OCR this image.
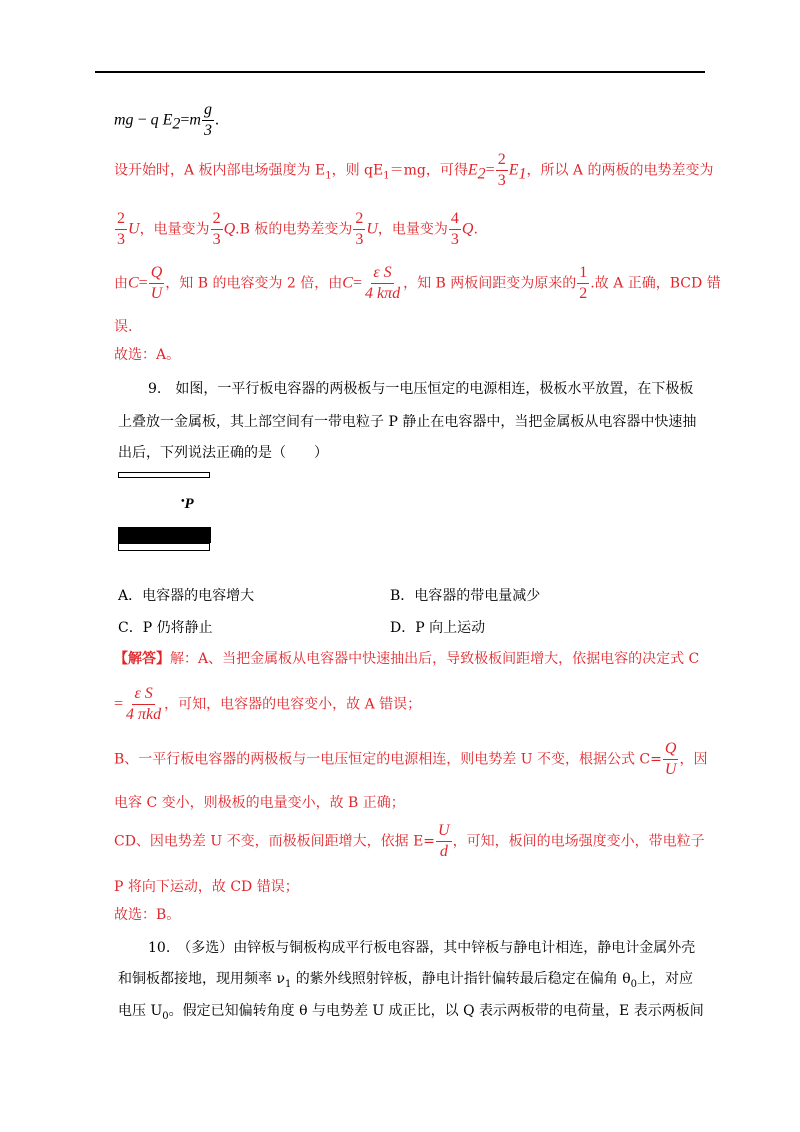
mg − q $E_2=m \frac{g}{3}$ .
设开始时，A 板内部电场强度为 $E_1$，则 $qE_1=mg$，可得$E_2= \frac{2}{3} E_1$，所以 A 的两板的电势差变为
$\frac{2}{3}$ U，电量变为 $\frac{2}{3} Q.B$ 板的电势差变为 $\frac{2}{3}$ U，电量变为 $\frac{4}{3} Q$.
由$C= \frac{Q}{U}$ ，知 B 的电容变为 2 倍，由$C= \frac{\text{ε S}}{\text{4 kπd}}$ ，知 B 两板间距变为原来的 $\frac{1}{2}$ .故 A 正确，BCD 错
误.
故选：A。
9.　如图，一平行板电容器的两极板与一电压恒定的电源相连，极板水平放置，在下极板
上叠放一金属板，其上部空间有一带电粒子 P 静止在电容器中，当把金属板从电容器中快速抽
出后，下列说法正确的是（　　）
•P
A．电容器的电容增大	B．电容器的带电量减少
C．P 仍将静止	D．P 向上运动
【解答】解：A、当把金属板从电容器中快速抽出后，导致极板间距增大，依据电容的决定式 C
= $\frac{\text{ε S}}{\text{4 πkd}}$ ，可知，电容器的电容变小，故 A 错误；
B、一平行板电容器的两极板与一电压恒定的电源相连，则电势差 U 不变，根据公式 $C= \frac{Q}{U}$ ，因
电容 C 变小，则极板的电量变小，故 B 正确；
CD、因电势差 U 不变，而极板间距增大，依据 $E= \frac{U}{d}$ ，可知，板间的电场强度变小，带电粒子
P 将向下运动，故 CD 错误；
故选：B。
10.　（多选）由锌板与铜板构成平行板电容器，其中锌板与静电计相连，静电计金属外壳
和铜板都接地，现用频率 $\nu_1$ 的紫外线照射锌板，静电计指针偏转最后稳定在偏角 $\theta_0$上，对应
电压 $U_0$。假定已知偏转角度 θ 与电势差 U 成正比，以 Q 表示两板带的电荷量，E 表示两板间
